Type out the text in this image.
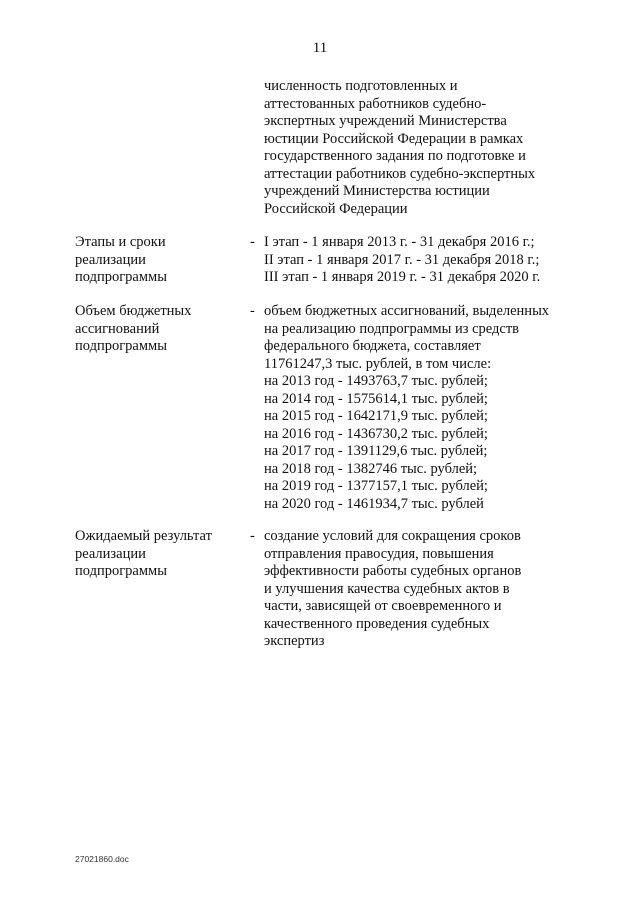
11
численность подготовленных и
аттестованных работников судебно-
экспертных учреждений Министерства
юстиции Российской Федерации в рамках
государственного задания по подготовке и
аттестации работников судебно-экспертных
учреждений Министерства юстиции
Российской Федерации
Этапы и сроки
реализации
подпрограммы
- I этап - 1 января 2013 г. - 31 декабря 2016 г.;
II этап - 1 января 2017 г. - 31 декабря 2018 г.;
III этап - 1 января 2019 г. - 31 декабря 2020 г.
Объем бюджетных
ассигнований
подпрограммы
- объем бюджетных ассигнований, выделенных
на реализацию подпрограммы из средств
федерального бюджета, составляет
11761247,3 тыс. рублей, в том числе:
на 2013 год - 1493763,7 тыс. рублей;
на 2014 год - 1575614,1 тыс. рублей;
на 2015 год - 1642171,9 тыс. рублей;
на 2016 год - 1436730,2 тыс. рублей;
на 2017 год - 1391129,6 тыс. рублей;
на 2018 год - 1382746 тыс. рублей;
на 2019 год - 1377157,1 тыс. рублей;
на 2020 год - 1461934,7 тыс. рублей
Ожидаемый результат
реализации
подпрограммы
- создание условий для сокращения сроков
отправления правосудия, повышения
эффективности работы судебных органов
и улучшения качества судебных актов в
части, зависящей от своевременного и
качественного проведения судебных
экспертиз
27021860.doc
